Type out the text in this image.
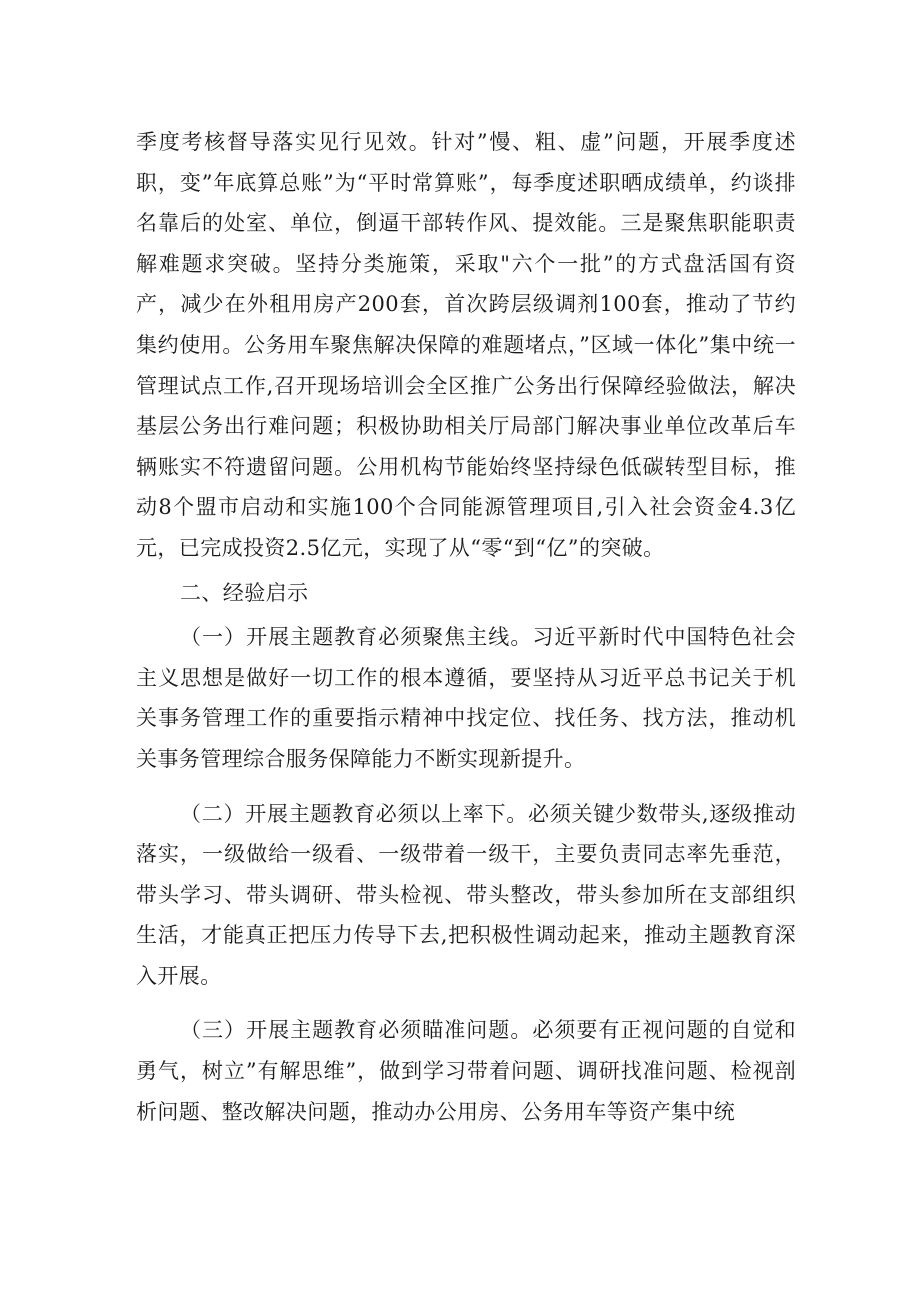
季度考核督导落实见行见效。针对”慢、粗、虚”问题，开展季度述职，变”年底算总账”为“平时常算账”，每季度述职晒成绩单，约谈排名靠后的处室、单位，倒逼干部转作风、提效能。三是聚焦职能职责解难题求突破。坚持分类施策，采取"六个一批”的方式盘活国有资产，减少在外租用房产200套，首次跨层级调剂100套，推动了节约集约使用。公务用车聚焦解决保障的难题堵点，”区域一体化”集中统一管理试点工作,召开现场培训会全区推广公务出行保障经验做法，解决基层公务出行难问题；积极协助相关厅局部门解决事业单位改革后车辆账实不符遗留问题。公用机构节能始终坚持绿色低碳转型目标，推动8个盟市启动和实施100个合同能源管理项目,引入社会资金4.3亿元，已完成投资2.5亿元，实现了从“零“到“亿”的突破。

二、经验启示

（一）开展主题教育必须聚焦主线。习近平新时代中国特色社会主义思想是做好一切工作的根本遵循，要坚持从习近平总书记关于机关事务管理工作的重要指示精神中找定位、找任务、找方法，推动机关事务管理综合服务保障能力不断实现新提升。

（二）开展主题教育必须以上率下。必须关键少数带头,逐级推动落实，一级做给一级看、一级带着一级干，主要负责同志率先垂范，带头学习、带头调研、带头检视、带头整改，带头参加所在支部组织生活，才能真正把压力传导下去,把积极性调动起来，推动主题教育深入开展。

（三）开展主题教育必须瞄准问题。必须要有正视问题的自觉和勇气，树立”有解思维”，做到学习带着问题、调研找准问题、检视剖析问题、整改解决问题，推动办公用房、公务用车等资产集中统
